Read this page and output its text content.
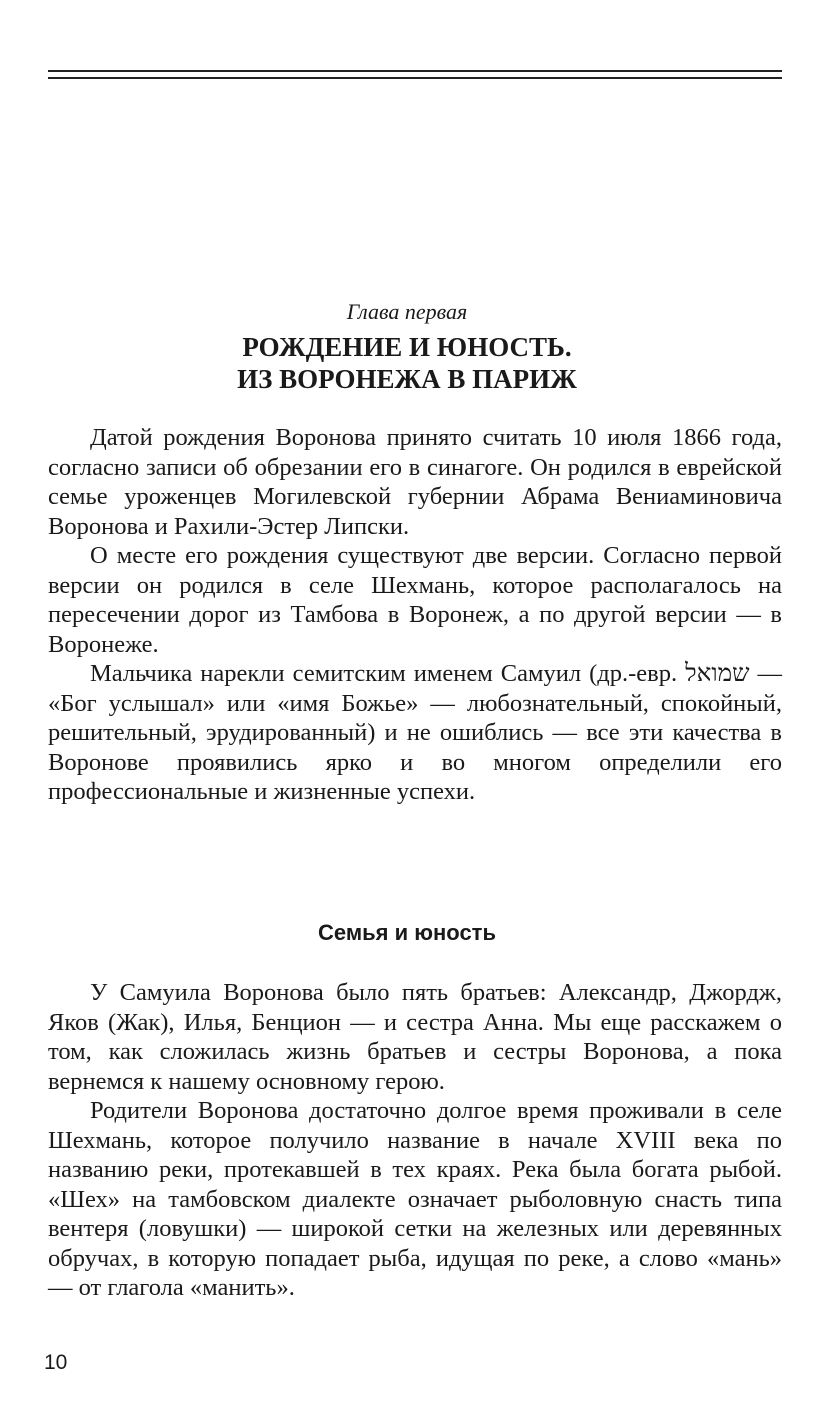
Глава первая
РОЖДЕНИЕ И ЮНОСТЬ.
ИЗ ВОРОНЕЖА В ПАРИЖ

Датой рождения Воронова принято считать 10 июля 1866 года, согласно записи об обрезании его в синагоге. Он родился в еврейской семье уроженцев Могилевской губернии Абрама Вениаминовича Воронова и Рахили-Эстер Липски.

О месте его рождения существуют две версии. Согласно первой версии он родился в селе Шехмань, которое располагалось на пересечении дорог из Тамбова в Воронеж, а по другой версии — в Воронеже.

Мальчика нарекли семитским именем Самуил (др.-евр. שמואל — «Бог услышал» или «имя Божье» — любознательный, спокойный, решительный, эрудированный) и не ошиблись — все эти качества в Воронове проявились ярко и во многом определили его профессиональные и жизненные успехи.

Семья и юность

У Самуила Воронова было пять братьев: Александр, Джордж, Яков (Жак), Илья, Бенцион — и сестра Анна. Мы еще расскажем о том, как сложилась жизнь братьев и сестры Воронова, а пока вернемся к нашему основному герою.

Родители Воронова достаточно долгое время проживали в селе Шехмань, которое получило название в начале XVIII века по названию реки, протекавшей в тех краях. Река была богата рыбой. «Шех» на тамбовском диалекте означает рыболовную снасть типа вентеря (ловушки) — широкой сетки на железных или деревянных обручах, в которую попадает рыба, идущая по реке, а слово «мань» — от глагола «манить».

10
